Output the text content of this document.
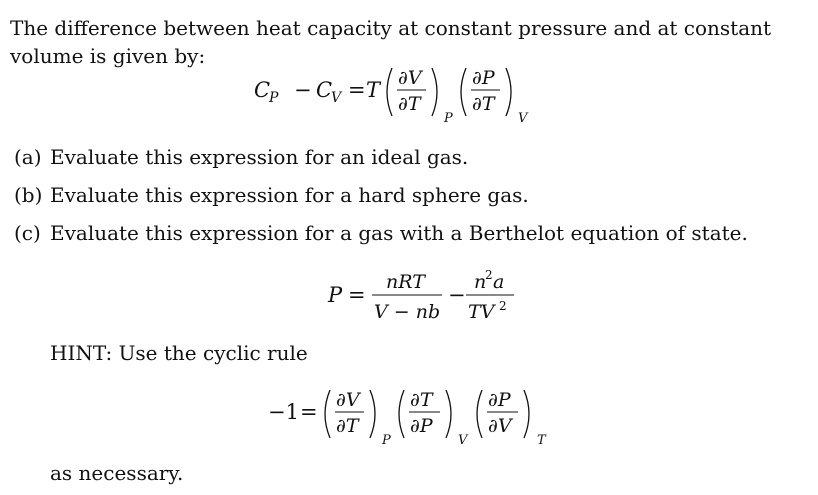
The difference between heat capacity at constant pressure and at constant volume is given by:

C
P − C
V = T ∂V
∂T
P
∂P
∂T
V

(a) Evaluate this expression for an ideal gas.

(b) Evaluate this expression for a hard sphere gas.

(c) Evaluate this expression for a gas with a Berthelot equation of state.

P =
nRT
V − nb
−
n
2 a
TV 2

HINT: Use the cyclic rule

−1 = ∂V
∂T
P
∂T
∂P
V
∂P
∂V
T

as necessary.
